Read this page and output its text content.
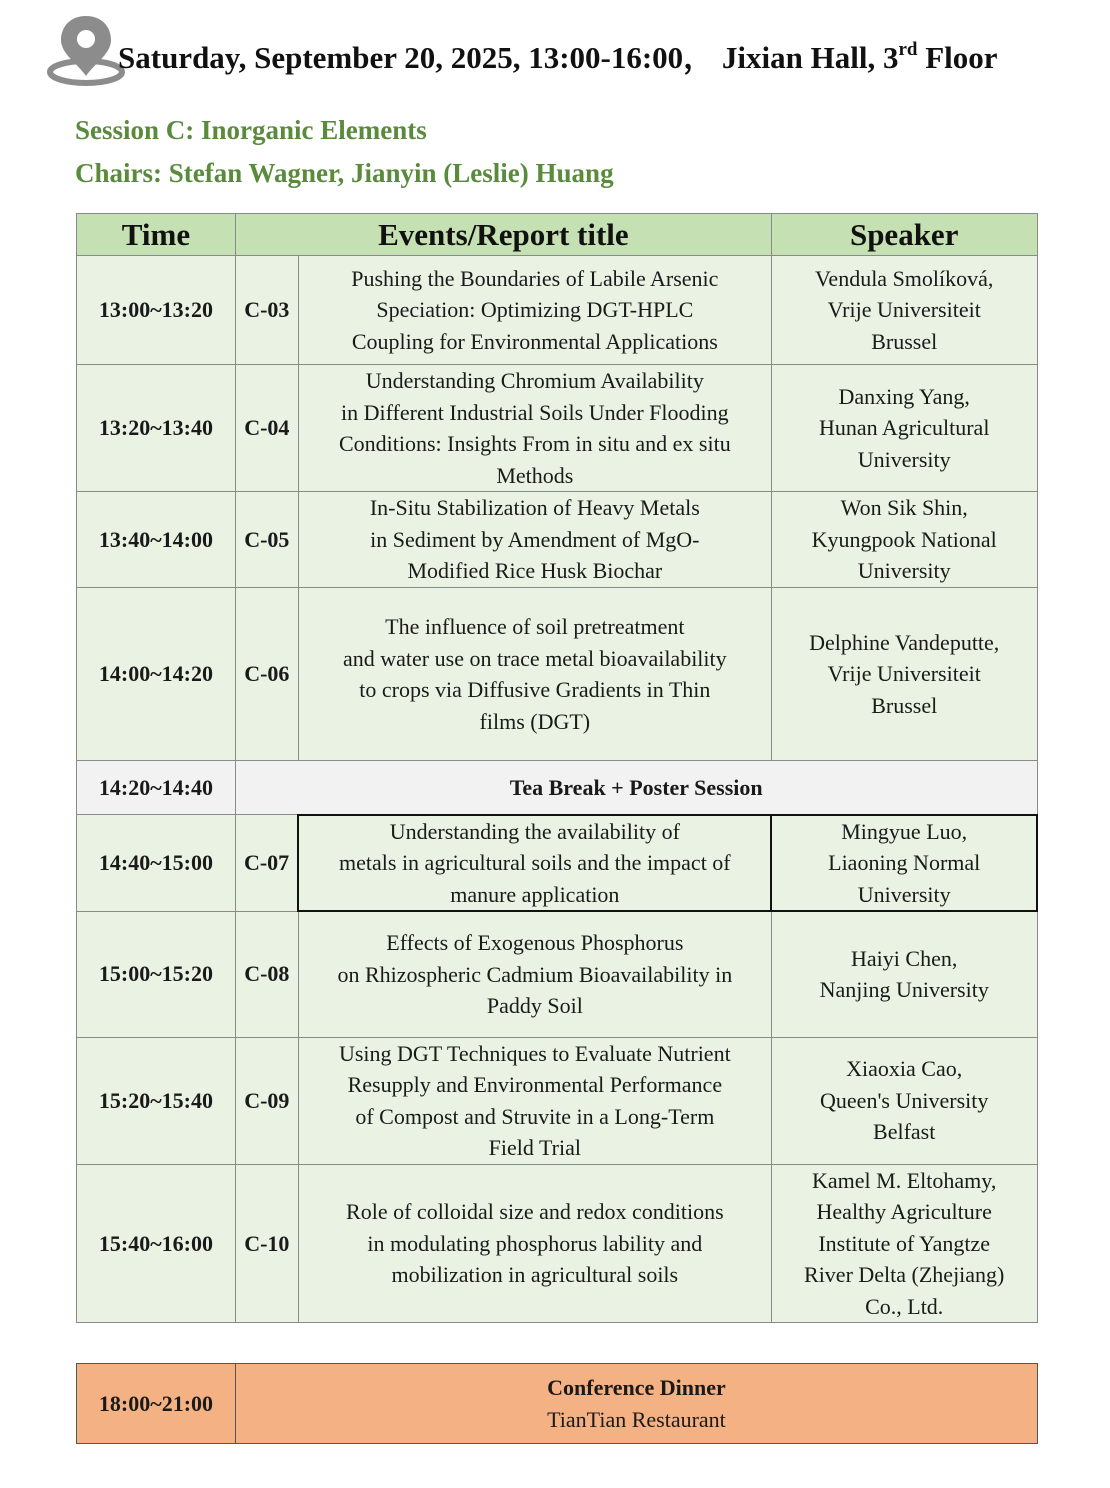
Saturday, September 20, 2025, 13:00-16:00， Jixian Hall, 3rd Floor
Session C: Inorganic Elements
Chairs: Stefan Wagner, Jianyin (Leslie) Huang
Time	Events/Report title		Speaker
13:00~13:20	C-03	Pushing the Boundaries of Labile Arsenic
Speciation: Optimizing DGT-HPLC
Coupling for Environmental Applications	Vendula Smolíková,
Vrije Universiteit
Brussel
13:20~13:40	C-04	Understanding Chromium Availability
in Different Industrial Soils Under Flooding
Conditions: Insights From in situ and ex situ
Methods	Danxing Yang,
Hunan Agricultural
University
13:40~14:00	C-05	In-Situ Stabilization of Heavy Metals
in Sediment by Amendment of MgO-
Modified Rice Husk Biochar	Won Sik Shin,
Kyungpook National
University
14:00~14:20	C-06	The influence of soil pretreatment
and water use on trace metal bioavailability
to crops via Diffusive Gradients in Thin
films (DGT)	Delphine Vandeputte,
Vrije Universiteit
Brussel
14:20~14:40	Tea Break + Poster Session		
14:40~15:00	C-07	Understanding the availability of
metals in agricultural soils and the impact of
manure application	Mingyue Luo,
Liaoning Normal
University
15:00~15:20	C-08	Effects of Exogenous Phosphorus
on Rhizospheric Cadmium Bioavailability in
Paddy Soil	Haiyi Chen,
Nanjing University
15:20~15:40	C-09	Using DGT Techniques to Evaluate Nutrient
Resupply and Environmental Performance
of Compost and Struvite in a Long-Term
Field Trial	Xiaoxia Cao,
Queen's University
Belfast
15:40~16:00	C-10	Role of colloidal size and redox conditions
in modulating phosphorus lability and
mobilization in agricultural soils	Kamel M. Eltohamy,
Healthy Agriculture
Institute of Yangtze
River Delta (Zhejiang)
Co., Ltd.
18:00~21:00	
Conference Dinner
TianTian Restaurant
